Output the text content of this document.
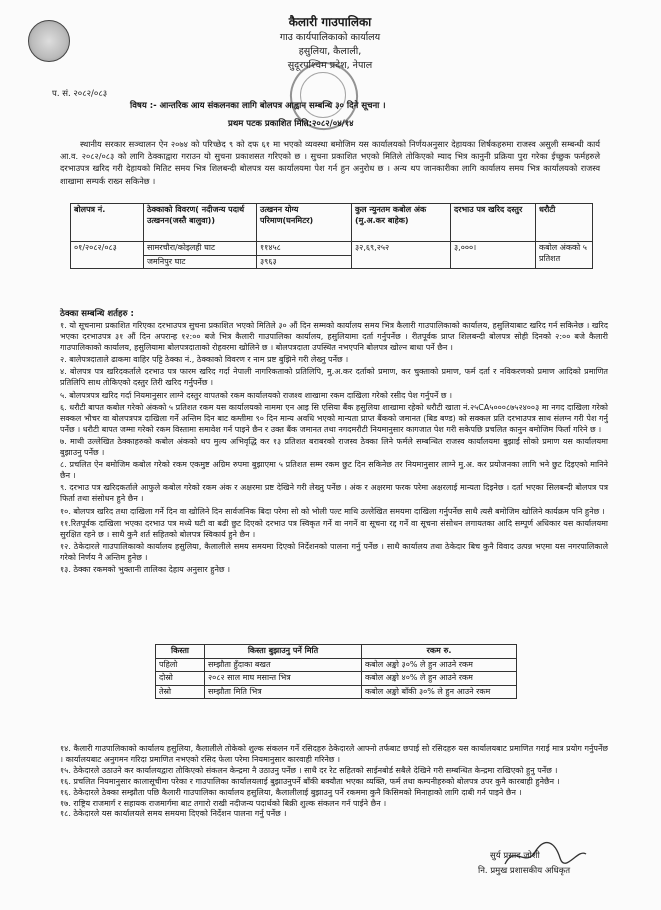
कैलारी गाउपालिका
गाउ कार्यपालिकाको कार्यालय
हसुलिया, कैलाली,
सुदूरपश्चिम प्रदेश, नेपाल
प. सं. २०८२/०८३
विषय :- आन्तरिक आय संकलनका लागि बोलपत्र आह्वान सम्बन्धि ३० दिने सूचना ।
प्रथम पटक प्रकाशित मिति:२०८२/०४/१४
स्थानीय सरकार सञ्चालन ऐन २०७४ को परिच्छेद ९ को दफ ६१ मा भएको व्यवस्था बमोजिम यस कार्यालयको निर्णयअनुसार देहायका शिर्षकहरुमा राजस्व असुली सम्बन्धी कार्य आ.व. २०८२/०८३ को लागि ठेक्काद्वारा गराउन यो सुचना प्रकाशसत गरिएको छ । सुचना प्रकाशित भएको मितिले तोकिएको म्याद भित्र कानुनी प्रक्रिया पुरा गरेका ईच्छुक फर्महरुले दरभाउपत्र खरिद गरी देहायको मितिट समय भित्र शिलबन्दी बोलपत्र यस कार्यालयमा पेश गर्न हुन अनुरोध छ । अन्य थप जानकारीका लागि कार्यालय समय भित्र कार्यालयको राजस्व शाखामा सम्पर्क राख्न सकिनेछ ।
बोलपत्र नं.	ठेक्काको विवरण( नदीजन्य पदार्थ उत्खनन(जस्तै बालुवा))	उत्खनन योग्य परिमाण(घनमिटर)	कुल न्युनतम कबोल अंक (मु.अ.कर बाहेक)	दरभाउ पत्र खरिद दस्तुर	धरौटी
०१/२०८२/०८३	सामरचौरा/कोइलही घाट	११४५८	३२,६९,२५२	३,०००।	कबोल अंकको ५ प्रतिशत
	जमनिपुर घाट	३९६३			
ठेक्का सम्बन्धि शर्तहरु :

१. यो सूचनामा प्रकाशित गरिएका दरभाउपत्र सुचना प्रकाशित भएको मितिले ३० औं दिन सम्मको कार्यालय समय भित्र कैलारी गाउपालिकाको कार्यालय, हसुलियाबाट खरिद गर्न सकिनेछ । खरिद भएका दरभाउपत्र ३१ औं दिन अपरान्ह १२:०० बजे भित्र कैलारी गाउपालिका कार्यालय, हसुलियामा दर्ता गर्नुपर्नेछ । रीतपूर्वक प्राप्त शिलबन्दी बोलपत्र सोही दिनको २:०० बजे कैलारी गाउपालिकाको कार्यालय, हसुलियामा बोलपत्रदाताको रोहवरमा खोलिने छ । बोलपत्रदाता उपस्थित नभएपनि बोलपत्र खोल्न बाधा पर्ने छैन ।

२. बालेपत्रदाताले ढाकमा वाहिर पट्टि ठेक्का नं., ठेक्काको विवरण र नाम प्रष्ट बुझिने गरी लेख्नु पर्नेछ ।

४. बोलपत्र पत्र खरिदकर्ताले दरभाउ पत्र फारम खरिद गर्दा नेपाली नागरिकताको प्रतिलिपि, मु.अ.कर दर्ताको प्रमाण, कर चुक्ताको प्रमाण, फर्म दर्ता र नविकरणको प्रमाण आदिको प्रमाणित प्रतिलिपि साथ तोकिएको दस्तुर तिरी खरिद गर्नुपर्नेछ ।

५. बोलपत्रपत्र खरिद गर्दा नियमानुसार लाग्ने दस्तुर वापतको रकम कार्यालयको राजश्व शाखामा रकम दाखिला गरेको रसीद पेश गर्नुपर्ने छ ।

६. धरौटी बापत कबोल गरेको अंकको ५ प्रतिशत रकम यस कार्यालयको नाममा एन आइ सि एसिया बैंक हसुलिया शाखामा रहेको धरौटी खाता नं.२५CA५०००८७५२४००३ मा नगद दाखिला गरेको सक्कल भौचर वा बोलपत्रपत्र दाखिला गर्ने अन्तिम दिन बाट कम्तीमा ९० दिन मान्य अवधि भएको मान्यता प्राप्त बैंकको जमानत (बिड बण्ड) को सक्कल प्रति दरभाउपत्र साथ संलग्न गरी पेश गर्नु पर्नेछ । धरौटी बापत जम्मा गरेको रकम विस्तामा समावेश गर्न पाइने छैन र उक्त बैंक जमानत तथा नगदमरौटी नियमानुसार कागजात पेश गरी सकेपछि प्रचलित कानुन बमोजिम फिर्ता गरिने छ ।

७. माथी उल्लेखित ठेक्काहरुको कबोल अंकको थप मुल्य अभिवृद्धि कर १३ प्रतिशत बराबरको राजस्व ठेक्का लिने फर्मले सम्बन्धित राजस्व कार्यालयमा बुझाई सोको प्रमाण यस कार्यालयमा बुझाउनु पर्नेछ ।

८. प्रचलित ऐन बमोजिम कबोल गरेको रकम एकमुष्ट अग्रिम रुपमा बुझाएमा ५ प्रतिशत सम्म रकम छुट दिन सकिनेछ तर नियमानुसार लाग्ने मु.अ. कर प्रयोजनका लागि भने छुट दिइएको मानिने छैन ।

९. दरभाउ पत्र खरिदकर्ताले आफुले कबोल गरेको रकम अंक र अक्षरमा प्रष्ट देखिने गरी लेख्नु पर्नेछ । अंक र अक्षरमा फरक परेमा अक्षरलाई मान्यता दिइनेछ । दर्ता भएका सिलबन्दी बोलपत्र पत्र फिर्ता तथा संसोधन हुने छैन ।

१०. बोलपत्र खरिद तथा दाखिला गर्ने दिन वा खोलिने दिन सार्वजनिक बिदा परेमा सो को भोली पल्ट माथि उल्लेखित समयमा दाखिला गर्नुपर्नेछ साथै त्यसै बमोजिम खोलिने कार्यक्रम पनि हुनेछ ।

११.रितपूर्वक दाखिला भएका दरभाउ पत्र मध्ये घटी वा बढी छुट दिएको दरभाउ पत्र स्विकृत गर्ने वा नगर्ने वा सूचना रद्द गर्ने वा सूचना संसोधन लगायतका आदि सम्पूर्ण अधिकार यस कार्यालयमा सुरक्षित रहने छ । साथै कुनै शर्त सहितको बोलपत्र स्विकार्य हुने छैन ।

१२. ठेकेदारले गाउपालिकाको कार्यालय हसुलिया, कैलालीले समय समयमा दिएको निर्देशनको पालना गर्नु पर्नेछ । साथै कार्यालय तथा ठेकेदार बिच कुनै विवाद उत्पन्न भएमा यस नगरपालिकाले गरेको निर्णय नै अन्तिम हुनेछ ।

१३. ठेक्का रकमको भुक्तानी तालिका देहाय अनुसार हुनेछ ।

किस्ता	किस्ता बुझाउनु पर्ने मिति	रकम रु.
पहिलो	सम्झौता हुँदाका बखत	कबोल अङ्को ३०% ले हुन आउने रकम
दोस्रो	२०८२ साल माघ मसान्त भित्र	कबोल अङ्को ४०% ले हुन आउने रकम
तेस्रो	सम्झौता मिति भित्र	कबोल अङ्को बाँकी ३०% ले हुन आउने रकम

१४. कैलारी गाउपालिकाको कार्यालय हसुलिया, कैलालीले तोकेको शुल्क संकलन गर्ने रसिदहरु ठेकेदारले आफ्नो तर्फबाट छपाई सो रसिदहरु यस कार्यालयबाट प्रमाणित गराई मात्र प्रयोग गर्नुपर्नेछ । कार्यालयबाट अनुगमन गरिदा प्रमाणित नभएको रसिद फेला परेमा नियमानुसार कारवाही गरिनेछ ।

१५. ठेकेदारले उठाउने कर कार्यालयद्वारा तोकिएको संकलन केन्द्रमा नै उठाउनु पर्नेछ । साथै दर रेट सहितको साईनबोर्ड सबैले देखिने गरी सम्बन्धित केन्द्रमा राखिएको हुनु पर्नेछ ।

१६. प्रचलित नियमानुसार कालासूचीमा परेका र गाउपालिका कार्यालयलाई बुझाउनुपर्ने बाँकी बक्यौता भएका व्यक्ति, फर्म तथा कम्पनीहरुको बोलपत्र उपर कुनै कारबाही हुनेछैन ।

१६. ठेकेदारले ठेक्का सम्झौता पछि कैलारी गाउपालिका कार्यालय हसुलिया, कैलालीलाई बुझाउनु पर्ने रकममा कुनै किसिमको मिनाहाको लागि दाबी गर्न पाइने छैन ।

१७. राष्ट्रिय राजमार्ग र सहायक राजमार्गमा बाट तगारो राखी नदीजन्य पदार्थको बिक्री शुल्क संकलन गर्न पाईने छैन ।

१८. ठेकेदारले यस कार्यालयले समय समयमा दिएको निर्देशन पालना गर्नु पर्नेछ ।

सुर्य प्रसाद जोशी
नि. प्रमुख प्रशासकीय अधिकृत
